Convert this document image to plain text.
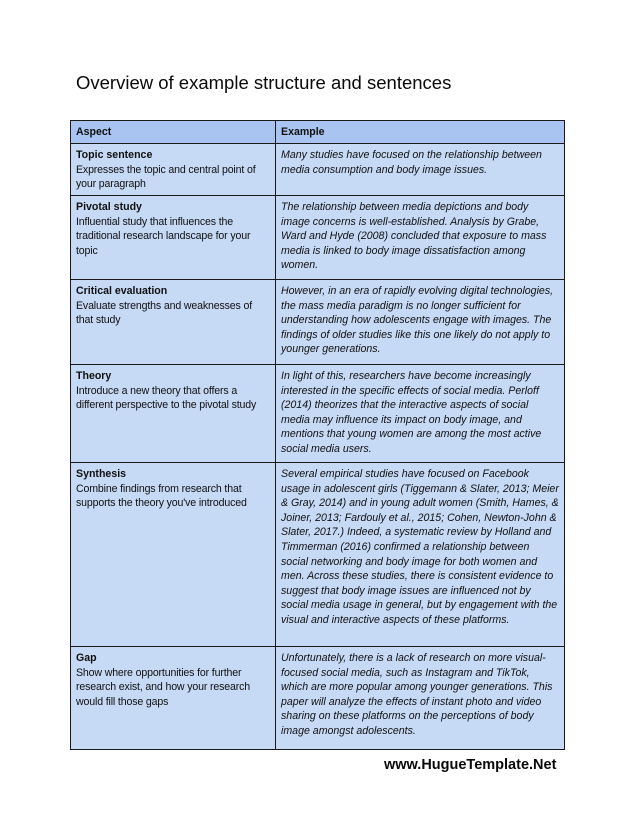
Overview of example structure and sentences
Aspect	Example

Topic sentence
Expresses the topic and central point of your paragraph	Many studies have focused on the relationship between media consumption and body image issues.

Pivotal study
Influential study that influences the traditional research landscape for your topic	The relationship between media depictions and body image concerns is well-established. Analysis by Grabe, Ward and Hyde (2008) concluded that exposure to mass media is linked to body image dissatisfaction among women.

Critical evaluation
Evaluate strengths and weaknesses of that study	However, in an era of rapidly evolving digital technologies, the mass media paradigm is no longer sufficient for understanding how adolescents engage with images. The findings of older studies like this one likely do not apply to younger generations.

Theory
Introduce a new theory that offers a different perspective to the pivotal study	In light of this, researchers have become increasingly interested in the specific effects of social media. Perloff (2014) theorizes that the interactive aspects of social media may influence its impact on body image, and mentions that young women are among the most active social media users.

Synthesis
Combine findings from research that supports the theory you've introduced	Several empirical studies have focused on Facebook usage in adolescent girls (Tiggemann & Slater, 2013; Meier & Gray, 2014) and in young adult women (Smith, Hames, & Joiner, 2013; Fardouly et al., 2015; Cohen, Newton-John & Slater, 2017.) Indeed, a systematic review by Holland and Timmerman (2016) confirmed a relationship between social networking and body image for both women and men. Across these studies, there is consistent evidence to suggest that body image issues are influenced not by social media usage in general, but by engagement with the visual and interactive aspects of these platforms.

Gap
Show where opportunities for further research exist, and how your research would fill those gaps	Unfortunately, there is a lack of research on more visual-focused social media, such as Instagram and TikTok, which are more popular among younger generations. This paper will analyze the effects of instant photo and video sharing on these platforms on the perceptions of body image amongst adolescents.
www.HugueTemplate.Net
